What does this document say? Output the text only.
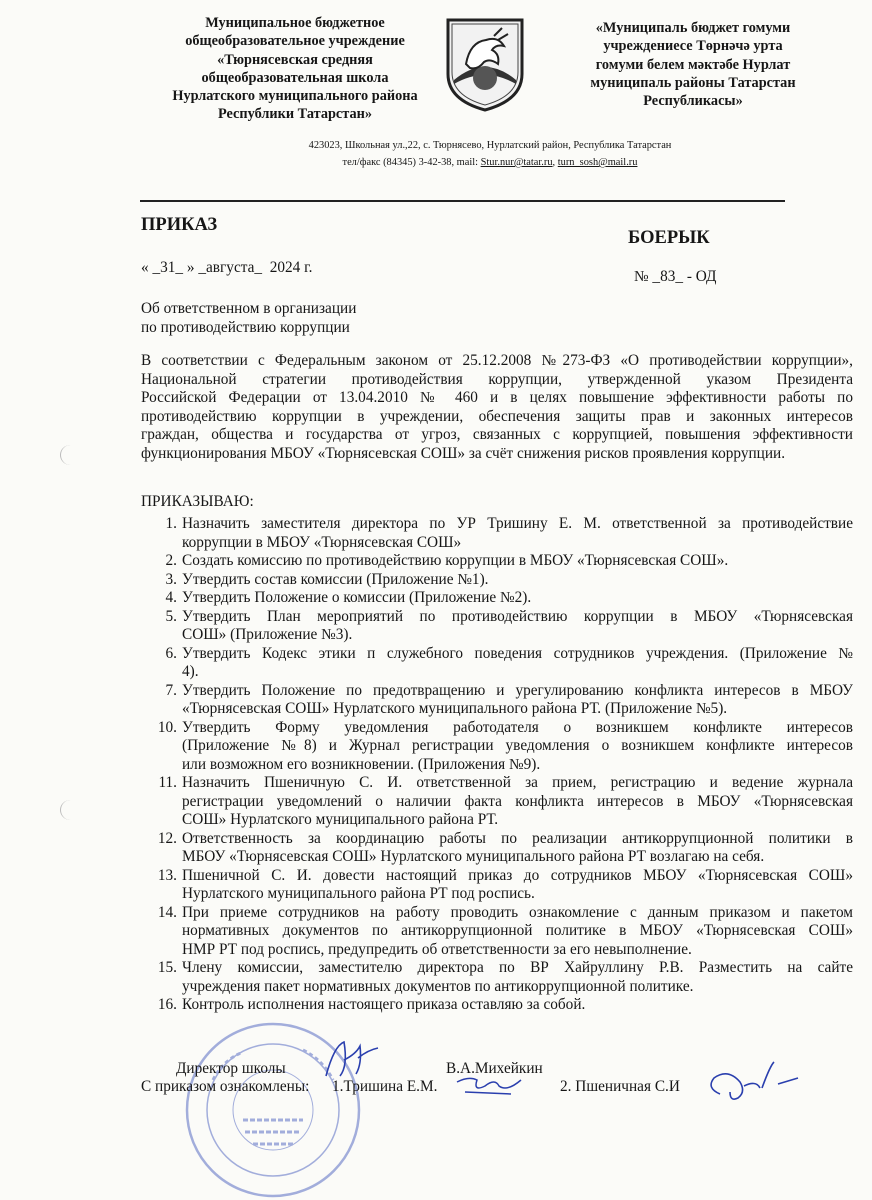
Муниципальное бюджетное
общеобразовательное учреждение
«Тюрнясевская средняя
общеобразовательная школа
Нурлатского муниципального района
Республики Татарстан»
«Муниципаль бюджет гомуми
учреждениесе Төрнәчә урта
гомуми белем мәктәбе Нурлат
муниципаль районы Татарстан
Республикасы»
423023, Школьная ул.,22, с. Тюрнясево, Нурлатский район, Республика Татарстан
тел/факс (84345) 3-42-38, mail: Stur.nur@tatar.ru, turn_sosh@mail.ru
ПРИКАЗ
БОЕРЫК
« _31_ » _августа_  2024 г.
№ _83_ - ОД
Об ответственном в организации
по противодействию коррупции
В соответствии с Федеральным законом от 25.12.2008 №273-ФЗ «О противодействии коррупции»,
Национальной стратегии противодействия коррупции, утвержденной указом Президента
Российской Федерации от 13.04.2010 № 460 и в целях повышение эффективности работы по
противодействию коррупции в учреждении, обеспечения защиты прав и законных интересов
граждан, общества и государства от угроз, связанных с коррупцией, повышения эффективности
функционирования МБОУ «Тюрнясевская СОШ» за счёт снижения рисков проявления коррупции.
ПРИКАЗЫВАЮ:
1. Назначить заместителя директора по УР Тришину Е. М. ответственной за противодействие
коррупции в МБОУ «Тюрнясевская СОШ»
2. Создать комиссию по противодействию коррупции в МБОУ «Тюрнясевская СОШ».
3. Утвердить состав комиссии (Приложение №1).
4. Утвердить Положение о комиссии (Приложение №2).
5. Утвердить План мероприятий по противодействию коррупции в МБОУ «Тюрнясевская
СОШ» (Приложение №3).
6. Утвердить Кодекс этики п служебного поведения сотрудников учреждения. (Приложение №
4).
7. Утвердить Положение по предотвращению и урегулированию конфликта интересов в МБОУ
«Тюрнясевская СОШ» Нурлатского муниципального района РТ. (Приложение №5).
10. Утвердить Форму уведомления работодателя о возникшем конфликте интересов
(Приложение №8) и Журнал регистрации уведомления о возникшем конфликте интересов
или возможном его возникновении. (Приложения №9).
11. Назначить Пшеничную С. И. ответственной за прием, регистрацию и ведение журнала
регистрации уведомлений о наличии факта конфликта интересов в МБОУ «Тюрнясевская
СОШ» Нурлатского муниципального района РТ.
12. Ответственность за координацию работы по реализации антикоррупционной политики в
МБОУ «Тюрнясевская СОШ» Нурлатского муниципального района РТ возлагаю на себя.
13. Пшеничной С. И. довести настоящий приказ до сотрудников МБОУ «Тюрнясевская СОШ»
Нурлатского муниципального района РТ под роспись.
14. При приеме сотрудников на работу проводить ознакомление с данным приказом и пакетом
нормативных документов по антикоррупционной политике в МБОУ «Тюрнясевская СОШ»
НМР РТ под роспись, предупредить об ответственности за его невыполнение.
15. Члену комиссии, заместителю директора по ВР Хайруллину Р.В. Разместить на сайте
учреждения пакет нормативных документов по антикоррупционной политике.
16. Контроль исполнения настоящего приказа оставляю за собой.
Директор школы	В.А.Михейкин
С приказом ознакомлены: 1.Тришина Е.М.	2. Пшеничная С.И
